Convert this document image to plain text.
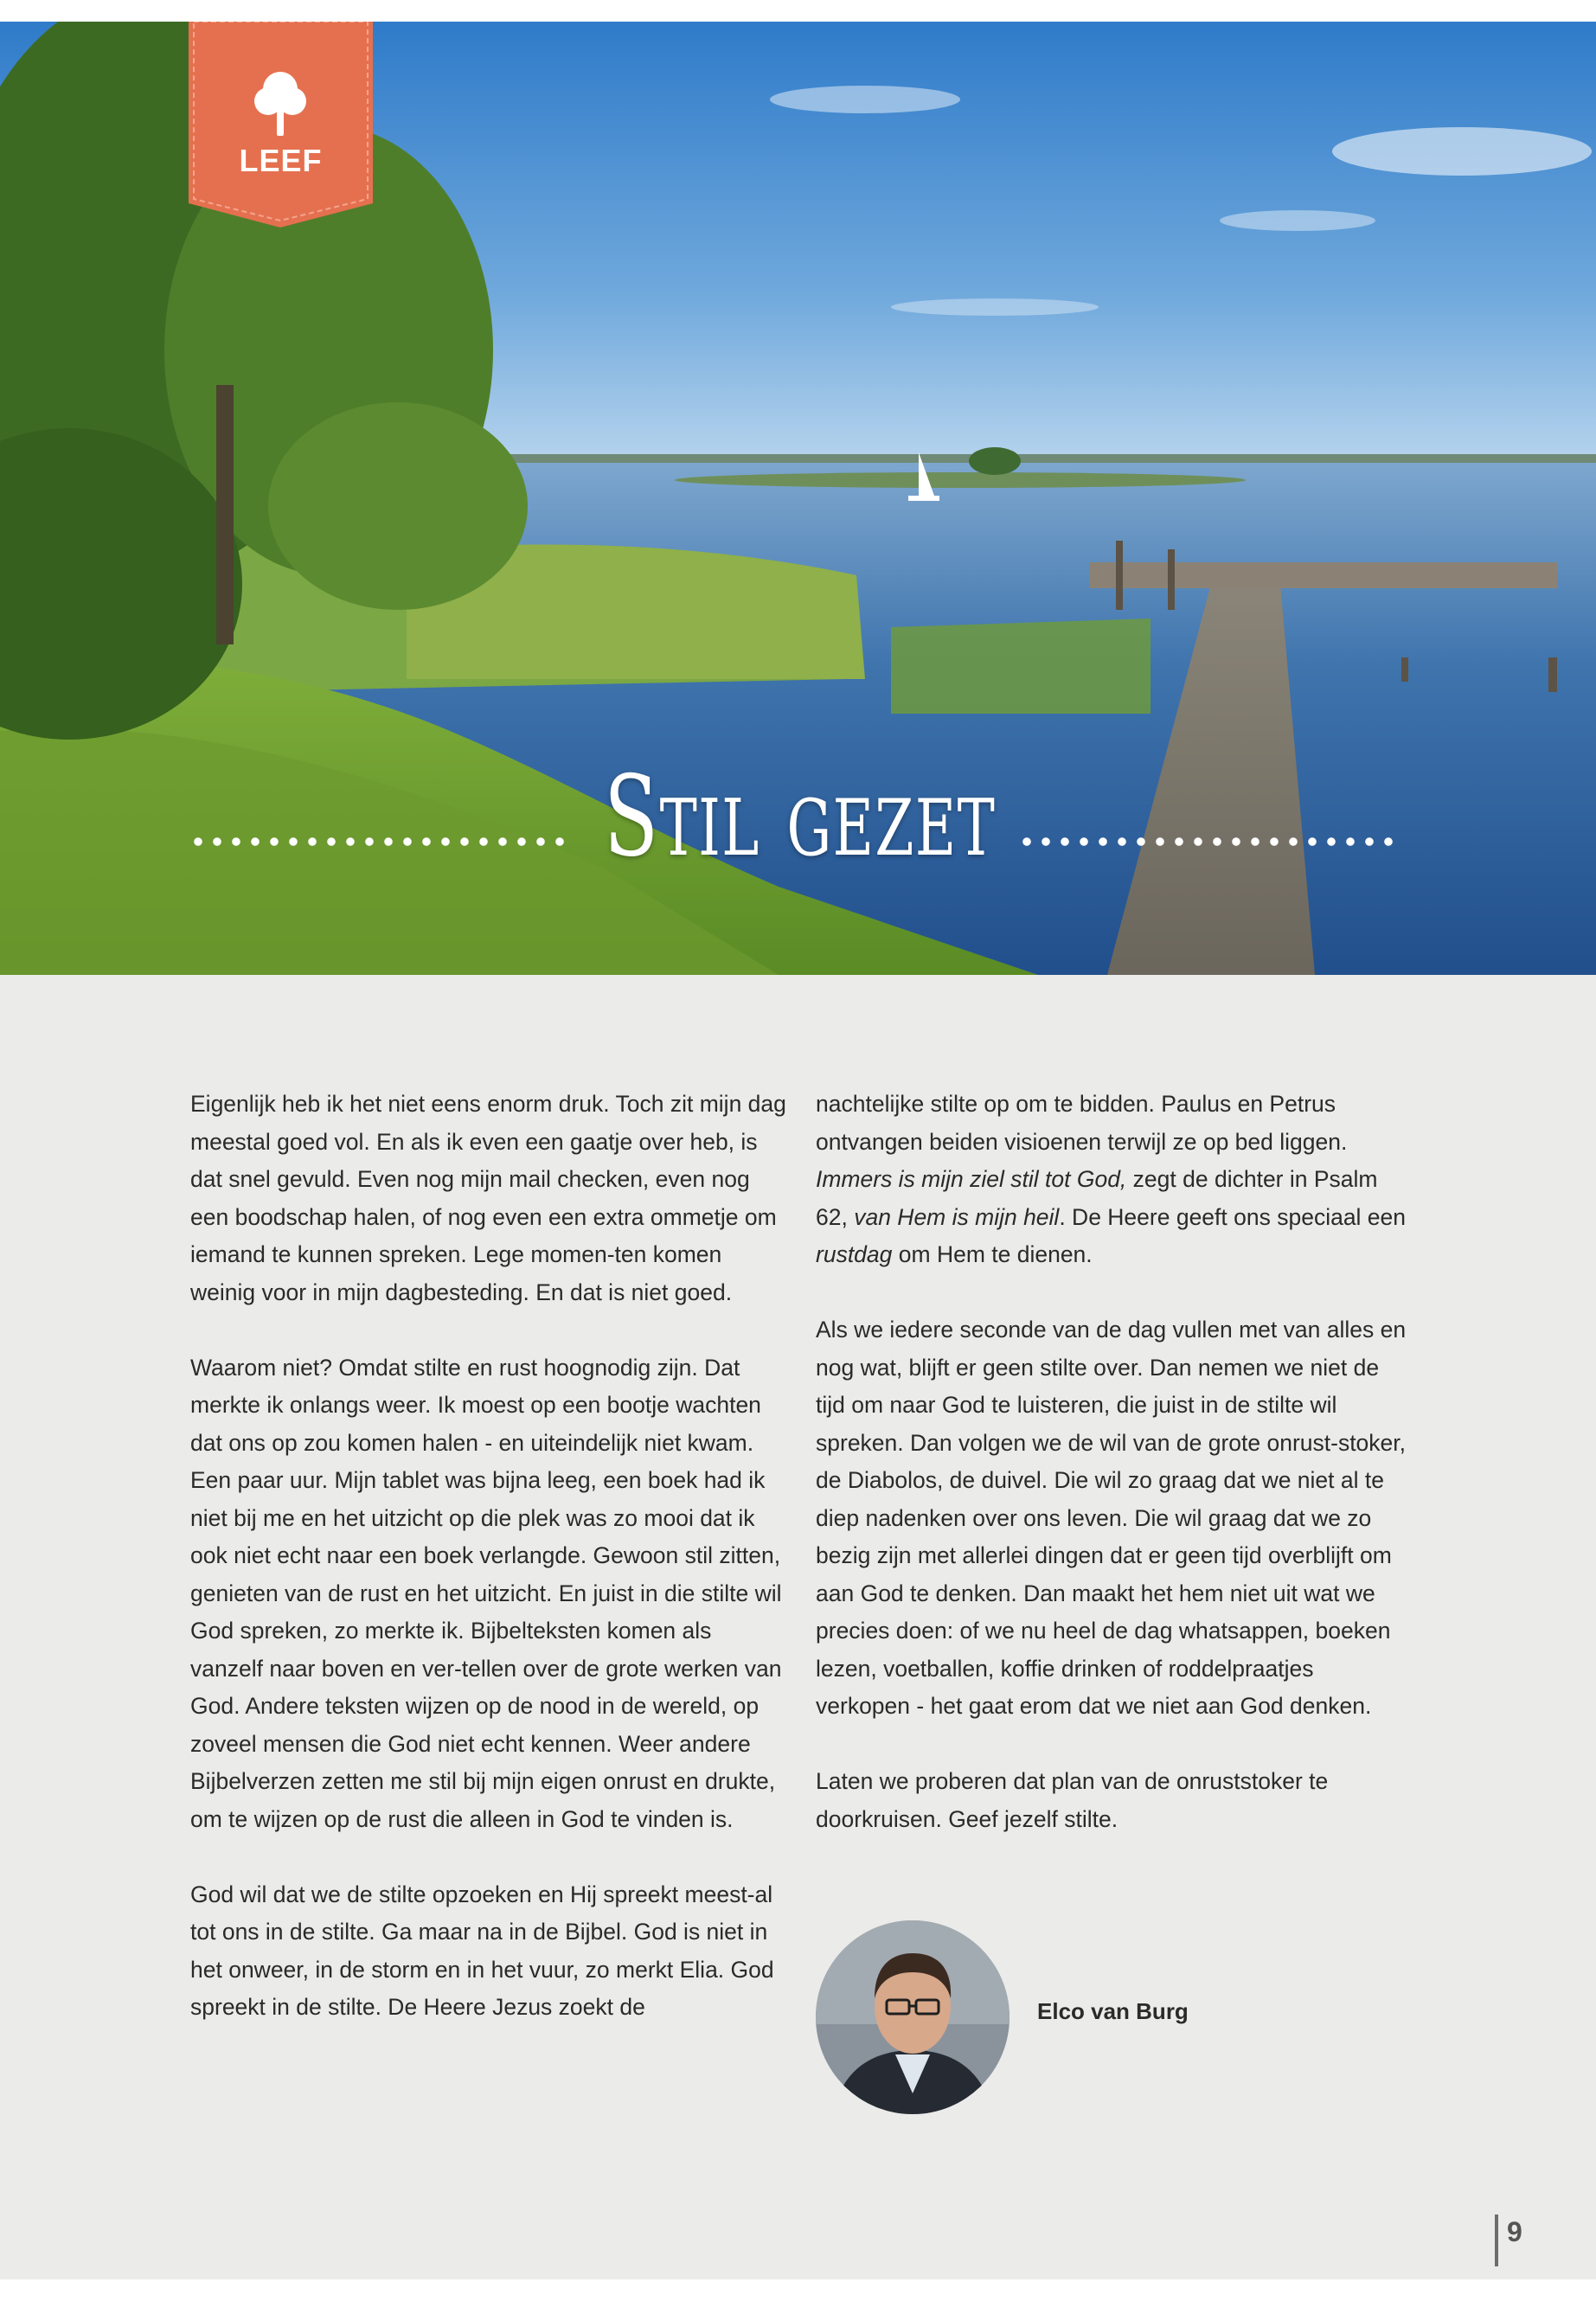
LEEF
Stil gezet

Eigenlijk heb ik het niet eens enorm druk. Toch zit mijn dag meestal goed vol. En als ik even een gaatje over heb, is dat snel gevuld. Even nog mijn mail checken, even nog een boodschap halen, of nog even een extra ommetje om iemand te kunnen spreken. Lege momen-ten komen weinig voor in mijn dagbesteding. En dat is niet goed.

Waarom niet? Omdat stilte en rust hoognodig zijn. Dat merkte ik onlangs weer. Ik moest op een bootje wachten dat ons op zou komen halen - en uiteindelijk niet kwam. Een paar uur. Mijn tablet was bijna leeg, een boek had ik niet bij me en het uitzicht op die plek was zo mooi dat ik ook niet echt naar een boek verlangde. Gewoon stil zitten, genieten van de rust en het uitzicht. En juist in die stilte wil God spreken, zo merkte ik. Bijbelteksten komen als vanzelf naar boven en ver-tellen over de grote werken van God. Andere teksten wijzen op de nood in de wereld, op zoveel mensen die God niet echt kennen. Weer andere Bijbelverzen zetten me stil bij mijn eigen onrust en drukte, om te wijzen op de rust die alleen in God te vinden is.

God wil dat we de stilte opzoeken en Hij spreekt meest-al tot ons in de stilte. Ga maar na in de Bijbel. God is niet in het onweer, in de storm en in het vuur, zo merkt Elia. God spreekt in de stilte. De Heere Jezus zoekt de

nachtelijke stilte op om te bidden. Paulus en Petrus ontvangen beiden visioenen terwijl ze op bed liggen. Immers is mijn ziel stil tot God, zegt de dichter in Psalm 62, van Hem is mijn heil. De Heere geeft ons speciaal een rustdag om Hem te dienen.

Als we iedere seconde van de dag vullen met van alles en nog wat, blijft er geen stilte over. Dan nemen we niet de tijd om naar God te luisteren, die juist in de stilte wil spreken. Dan volgen we de wil van de grote onrust-stoker, de Diabolos, de duivel. Die wil zo graag dat we niet al te diep nadenken over ons leven. Die wil graag dat we zo bezig zijn met allerlei dingen dat er geen tijd overblijft om aan God te denken. Dan maakt het hem niet uit wat we precies doen: of we nu heel de dag whatsappen, boeken lezen, voetballen, koffie drinken of roddelpraatjes verkopen - het gaat erom dat we niet aan God denken.

Laten we proberen dat plan van de onruststoker te doorkruisen. Geef jezelf stilte.

Elco van Burg
9
